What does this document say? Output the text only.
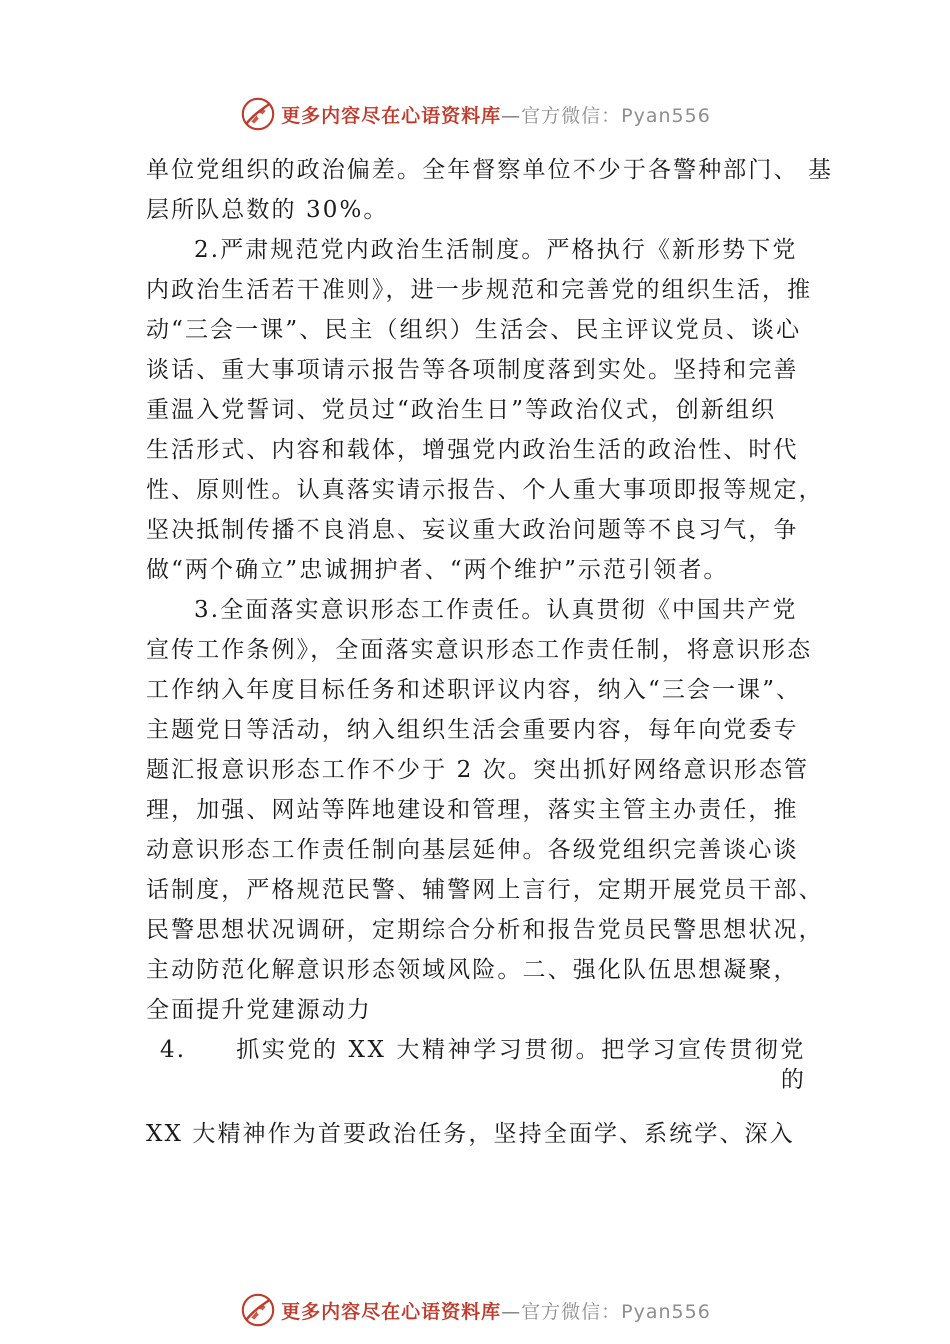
更多内容尽在心语资料库—官方微信：Pyan556
单位党组织的政治偏差。全年督察单位不少于各警种部门、 基
层所队总数的 30%。
2.严肃规范党内政治生活制度。严格执行《新形势下党
内政治生活若干准则》，进一步规范和完善党的组织生活，推
动“三会一课”、民主（组织）生活会、民主评议党员、谈心
谈话、重大事项请示报告等各项制度落到实处。坚持和完善
重温入党誓词、党员过“政治生日”等政治仪式，创新组织
生活形式、内容和载体，增强党内政治生活的政治性、时代
性、原则性。认真落实请示报告、个人重大事项即报等规定，
坚决抵制传播不良消息、妄议重大政治问题等不良习气，争
做“两个确立”忠诚拥护者、“两个维护”示范引领者。
3.全面落实意识形态工作责任。认真贯彻《中国共产党
宣传工作条例》，全面落实意识形态工作责任制，将意识形态
工作纳入年度目标任务和述职评议内容，纳入“三会一课”、
主题党日等活动，纳入组织生活会重要内容，每年向党委专
题汇报意识形态工作不少于 2 次。突出抓好网络意识形态管
理，加强、网站等阵地建设和管理，落实主管主办责任，推
动意识形态工作责任制向基层延伸。各级党组织完善谈心谈
话制度，严格规范民警、辅警网上言行，定期开展党员干部、
民警思想状况调研，定期综合分析和报告党员民警思想状况，
主动防范化解意识形态领域风险。二、强化队伍思想凝聚，
全面提升党建源动力
4. 抓实党的 XX 大精神学习贯彻。把学习宣传贯彻党
的
XX 大精神作为首要政治任务，坚持全面学、系统学、深入
更多内容尽在心语资料库—官方微信：Pyan556
